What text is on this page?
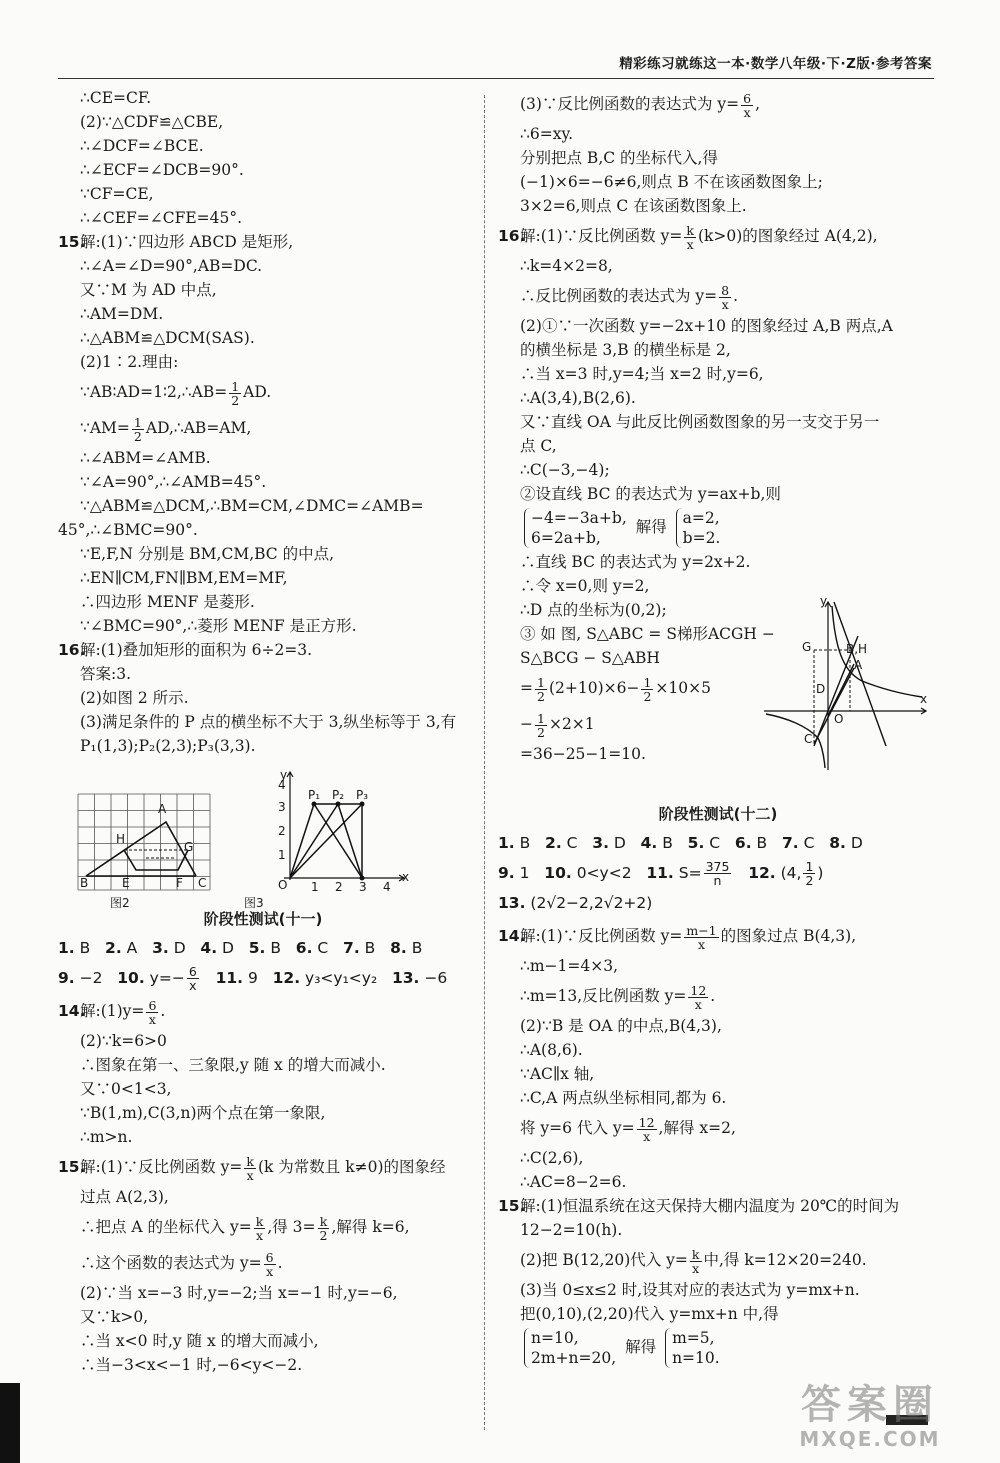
精彩练习就练这一本·数学八年级·下·Z版·参考答案
∴CE=CF.
(2)∵△CDF≌△CBE,
∴∠DCF=∠BCE.
∴∠ECF=∠DCB=90°.
∵CF=CE,
∴∠CEF=∠CFE=45°.
15.解:(1)∵四边形 ABCD 是矩形,
∴∠A=∠D=90°,AB=DC.
又∵M 为 AD 中点,
∴AM=DM.
∴△ABM≌△DCM(SAS).
(2)1∶2.理由:
∵AB∶AD=1∶2,∴AB= $\frac{1}{2}$ AD.
∵AM= $\frac{1}{2}$ AD,∴AB=AM,
∴∠ABM=∠AMB.
∵∠A=90°,∴∠AMB=45°.
∵△ABM≌△DCM,∴BM=CM,∠DMC=∠AMB=
45°,∴∠BMC=90°.
∵E,F,N 分别是 BM,CM,BC 的中点,
∴EN∥CM,FN∥BM,EM=MF,
∴四边形 MENF 是菱形.
∵∠BMC=90°,∴菱形 MENF 是正方形.
16.解:(1)叠加矩形的面积为 6÷2=3.
答案:3.
(2)如图 2 所示.
(3)满足条件的 P 点的横坐标不大于 3,纵坐标等于 3,有
P₁(1,3);P₂(2,3);P₃(3,3).
A
H
G
B	E	F C
图2
y
x
O 1 2 3 4
1
2
3
4
P₁ P₂ P₃
图3
阶段性测试(十一)
1. B 2. A 3. D 4. D 5. B 6. C 7. B 8. B
9. −2 10. $y=- \frac{6}{x} 11$. 9 12. y₃<y₁<y₂ 13. −6
14.解:(1)y= $\frac{6}{x}$ .
(2)∵k=6>0
∴图象在第一、三象限,y 随 x 的增大而减小.
又∵0<1<3,
∵B(1,m),C(3,n)两个点在第一象限,
∴m>n.
15.解:(1)∵反比例函数 $y= \frac{k}{x} (k$ 为常数且 k≠0)的图象经
过点 A(2,3),
∴把点 A 的坐标代入 $y= \frac{k}{x}$ ,得 $3= \frac{k}{2}$ ,解得 k=6,
∴这个函数的表达式为 $y= \frac{6}{x}$ .
(2)∵当 x=−3 时,y=−2;当 x=−1 时,y=−6,
又∵k>0,
∴当 x<0 时,y 随 x 的增大而减小,
∴当−3<x<−1 时,−6<y<−2.
(3)∵反比例函数的表达式为 $y= \frac{6}{x}$ ,
∴6=xy.
分别把点 B,C 的坐标代入,得
(−1)×6=−6≠6,则点 B 不在该函数图象上;
3×2=6,则点 C 在该函数图象上.
16.解:(1)∵反比例函数 $y= \frac{k}{x} (k>0)$的图象经过 A(4,2),
∴k=4×2=8,
∴反比例函数的表达式为 $y= \frac{8}{x}$ .
(2)①∵一次函数 y=−2x+10 的图象经过 A,B 两点,A
的横坐标是 3,B 的横坐标是 2,
∴当 x=3 时,y=4;当 x=2 时,y=6,
∴A(3,4),B(2,6).
又∵直线 OA 与此反比例函数图象的另一支交于另一
点 C,
∴C(−3,−4);
②设直线 BC 的表达式为 y=ax+b,则
−4=−3a+b,
6=2a+b,
解得 a=2,
b=2.
∴直线 BC 的表达式为 y=2x+2.
∴令 x=0,则 y=2,
∴D 点的坐标为(0,2);
③ 如 图, S△ABC = S梯形ACGH −
S△BCG − S△ABH
= $\frac{1}{2} (2+10)\times 6- \frac{1}{2} \times 10\times 5$
− $\frac{1}{2} \times 2\times 1$
=36−25−1=10.
y
x
O
G	B,H
A
D
C
阶段性测试(十二)
1. B 2. C 3. D 4. B 5. C 6. B 7. C 8. D
9. 1 10. 0<y<2 11. $S= \frac{375}{n} 12$. (4, $\frac{1}{2}$ )
13. (2√2−2,2√2+2)
14.解:(1)∵反比例函数 $y= \frac{m-1}{x}$ 的图象过点 B(4,3),
∴m−1=4×3,
∴m=13,反比例函数 $y= \frac{12}{x}$ .
(2)∵B 是 OA 的中点,B(4,3),
∴A(8,6).
∵AC∥x 轴,
∴C,A 两点纵坐标相同,都为 6.
将 y=6 代入 $y= \frac{12}{x}$ ,解得 x=2,
∴C(2,6),
∴AC=8−2=6.
15.解:(1)恒温系统在这天保持大棚内温度为 20℃的时间为
12−2=10(h).
(2)把 B(12,20)代入 $y= \frac{k}{x}$ 中,得 k=12×20=240.
(3)当 0≤x≤2 时,设其对应的表达式为 y=mx+n.
把(0,10),(2,20)代入 y=mx+n 中,得
n=10,
2m+n=20,
解得 m=5,
n=10.
答案圈
MXQE.COM
